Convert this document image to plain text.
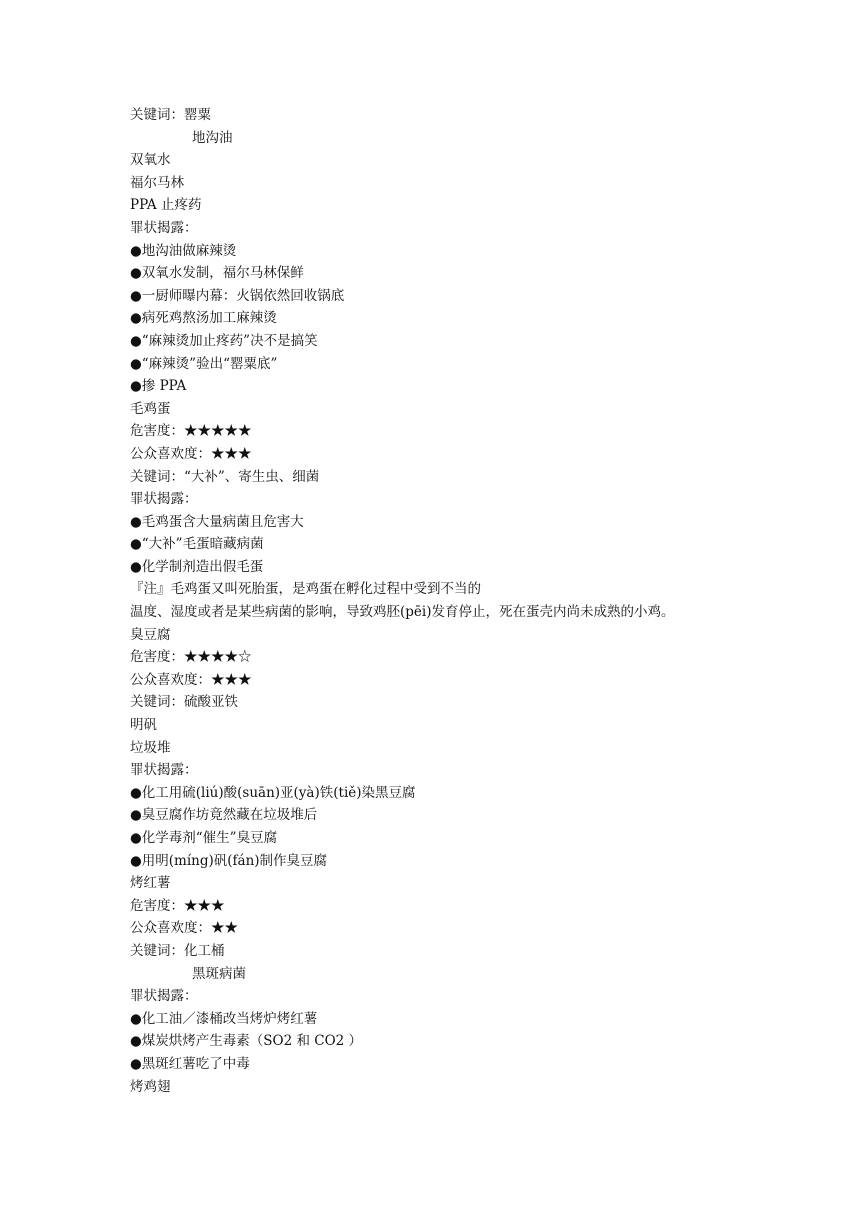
关键词：罂粟
地沟油
双氧水
福尔马林
PPA 止疼药
罪状揭露：
●地沟油做麻辣烫
●双氧水发制，福尔马林保鲜
●一厨师曝内幕：火锅依然回收锅底
●病死鸡熬汤加工麻辣烫
●“麻辣烫加止疼药”决不是搞笑
●“麻辣烫”验出“罂粟底”
●掺 PPA
毛鸡蛋
危害度：★★★★★
公众喜欢度：★★★
关键词：“大补”、寄生虫、细菌
罪状揭露：
●毛鸡蛋含大量病菌且危害大
●“大补”毛蛋暗藏病菌
●化学制剂造出假毛蛋
『注』毛鸡蛋又叫死胎蛋，是鸡蛋在孵化过程中受到不当的
温度、湿度或者是某些病菌的影响，导致鸡胚(pēi)发育停止，死在蛋壳内尚未成熟的小鸡。
臭豆腐
危害度：★★★★☆
公众喜欢度：★★★
关键词：硫酸亚铁
明矾
垃圾堆
罪状揭露：
●化工用硫(liú)酸(suān)亚(yà)铁(tiě)染黑豆腐
●臭豆腐作坊竟然藏在垃圾堆后
●化学毒剂“催生”臭豆腐
●用明(míng)矾(fán)制作臭豆腐
烤红薯
危害度：★★★
公众喜欢度：★★
关键词：化工桶
黑斑病菌
罪状揭露：
●化工油／漆桶改当烤炉烤红薯
●煤炭烘烤产生毒素（SO2 和 CO2 ）
●黑斑红薯吃了中毒
烤鸡翅
